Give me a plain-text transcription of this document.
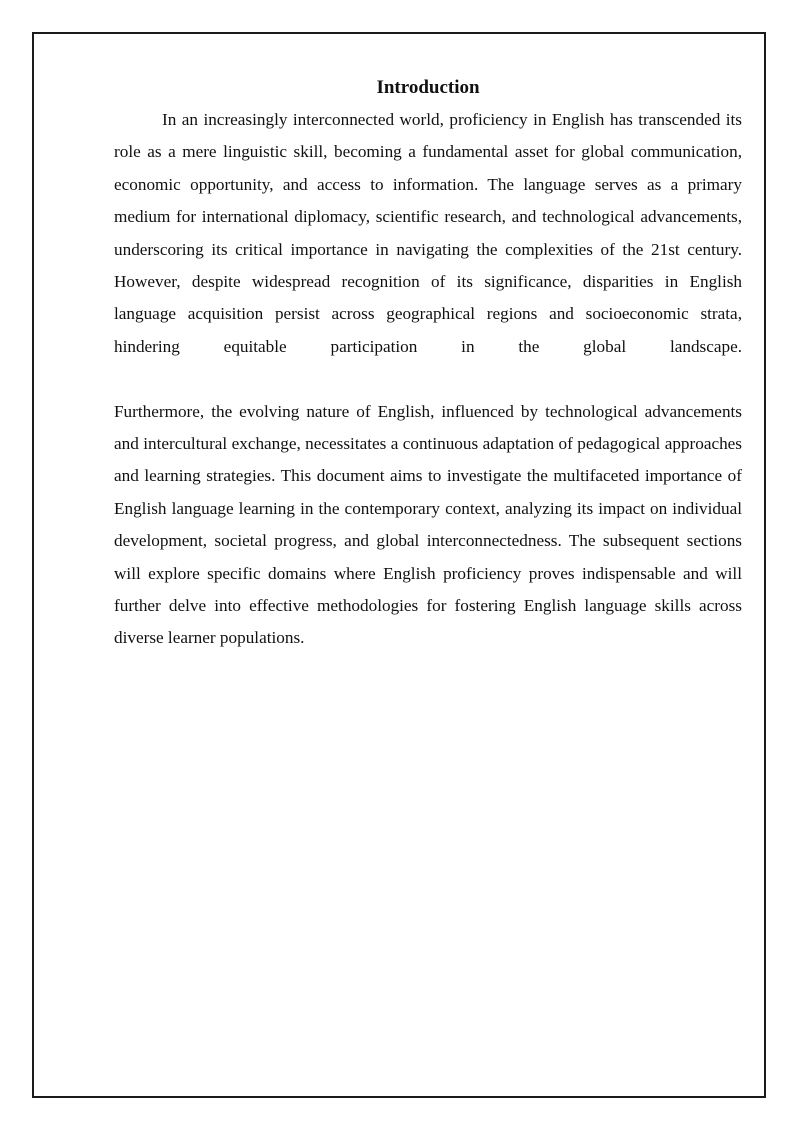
Introduction

In an increasingly interconnected world, proficiency in English has transcended its role as a mere linguistic skill, becoming a fundamental asset for global communication, economic opportunity, and access to information. The language serves as a primary medium for international diplomacy, scientific research, and technological advancements, underscoring its critical importance in navigating the complexities of the 21st century. However, despite widespread recognition of its significance, disparities in English language acquisition persist across geographical regions and socioeconomic strata, hindering equitable participation in the global landscape.

Furthermore, the evolving nature of English, influenced by technological advancements and intercultural exchange, necessitates a continuous adaptation of pedagogical approaches and learning strategies. This document aims to investigate the multifaceted importance of English language learning in the contemporary context, analyzing its impact on individual development, societal progress, and global interconnectedness. The subsequent sections will explore specific domains where English proficiency proves indispensable and will further delve into effective methodologies for fostering English language skills across diverse learner populations.
